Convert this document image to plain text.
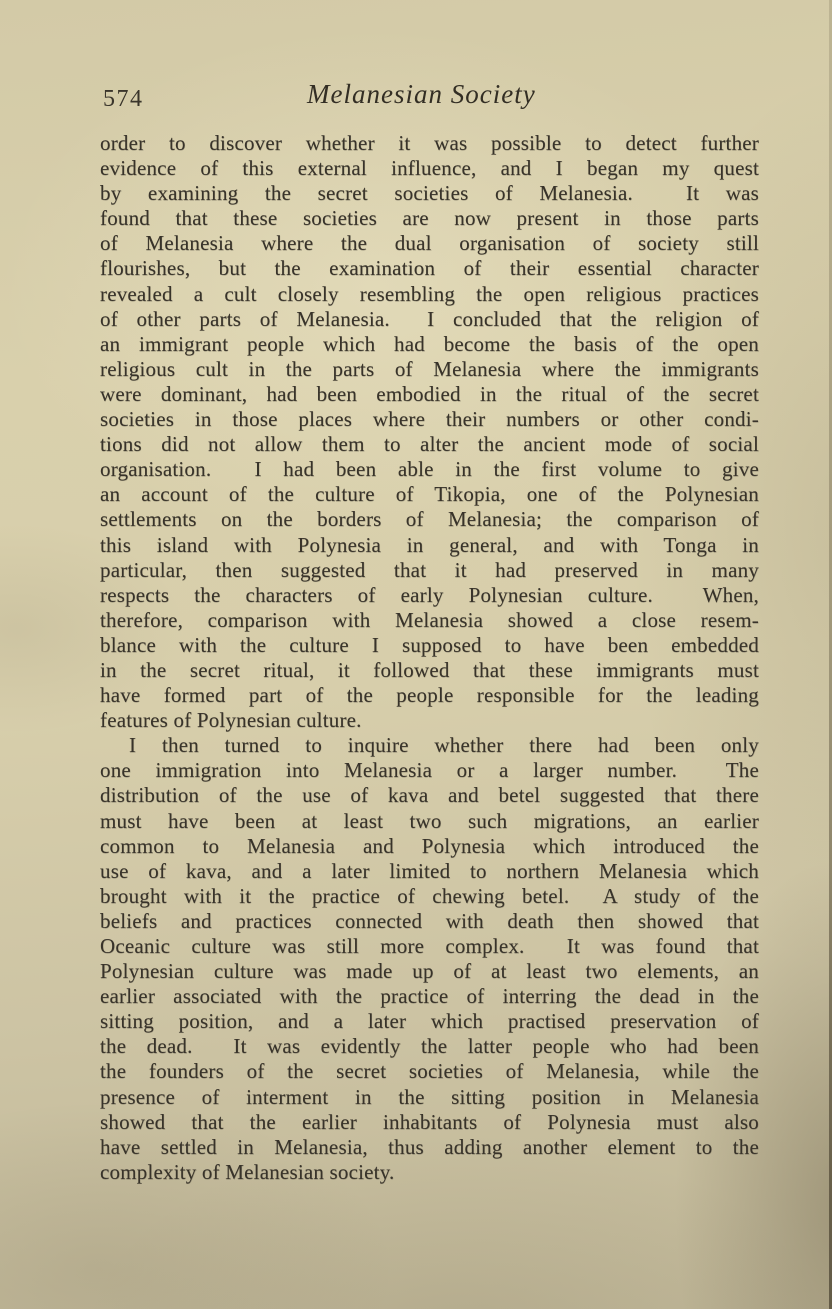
574	Melanesian Society
order to discover whether it was possible to detect further
evidence of this external influence, and I began my quest
by examining the secret societies of Melanesia.  It was
found that these societies are now present in those parts
of Melanesia where the dual organisation of society still
flourishes, but the examination of their essential character
revealed a cult closely resembling the open religious practices
of other parts of Melanesia.  I concluded that the religion of
an immigrant people which had become the basis of the open
religious cult in the parts of Melanesia where the immigrants
were dominant, had been embodied in the ritual of the secret
societies in those places where their numbers or other condi-
tions did not allow them to alter the ancient mode of social
organisation.  I had been able in the first volume to give
an account of the culture of Tikopia, one of the Polynesian
settlements on the borders of Melanesia; the comparison of
this island with Polynesia in general, and with Tonga in
particular, then suggested that it had preserved in many
respects the characters of early Polynesian culture.  When,
therefore, comparison with Melanesia showed a close resem-
blance with the culture I supposed to have been embedded
in the secret ritual, it followed that these immigrants must
have formed part of the people responsible for the leading
features of Polynesian culture.
I then turned to inquire whether there had been only
one immigration into Melanesia or a larger number.  The
distribution of the use of kava and betel suggested that there
must have been at least two such migrations, an earlier
common to Melanesia and Polynesia which introduced the
use of kava, and a later limited to northern Melanesia which
brought with it the practice of chewing betel.  A study of the
beliefs and practices connected with death then showed that
Oceanic culture was still more complex.  It was found that
Polynesian culture was made up of at least two elements, an
earlier associated with the practice of interring the dead in the
sitting position, and a later which practised preservation of
the dead.  It was evidently the latter people who had been
the founders of the secret societies of Melanesia, while the
presence of interment in the sitting position in Melanesia
showed that the earlier inhabitants of Polynesia must also
have settled in Melanesia, thus adding another element to the
complexity of Melanesian society.
